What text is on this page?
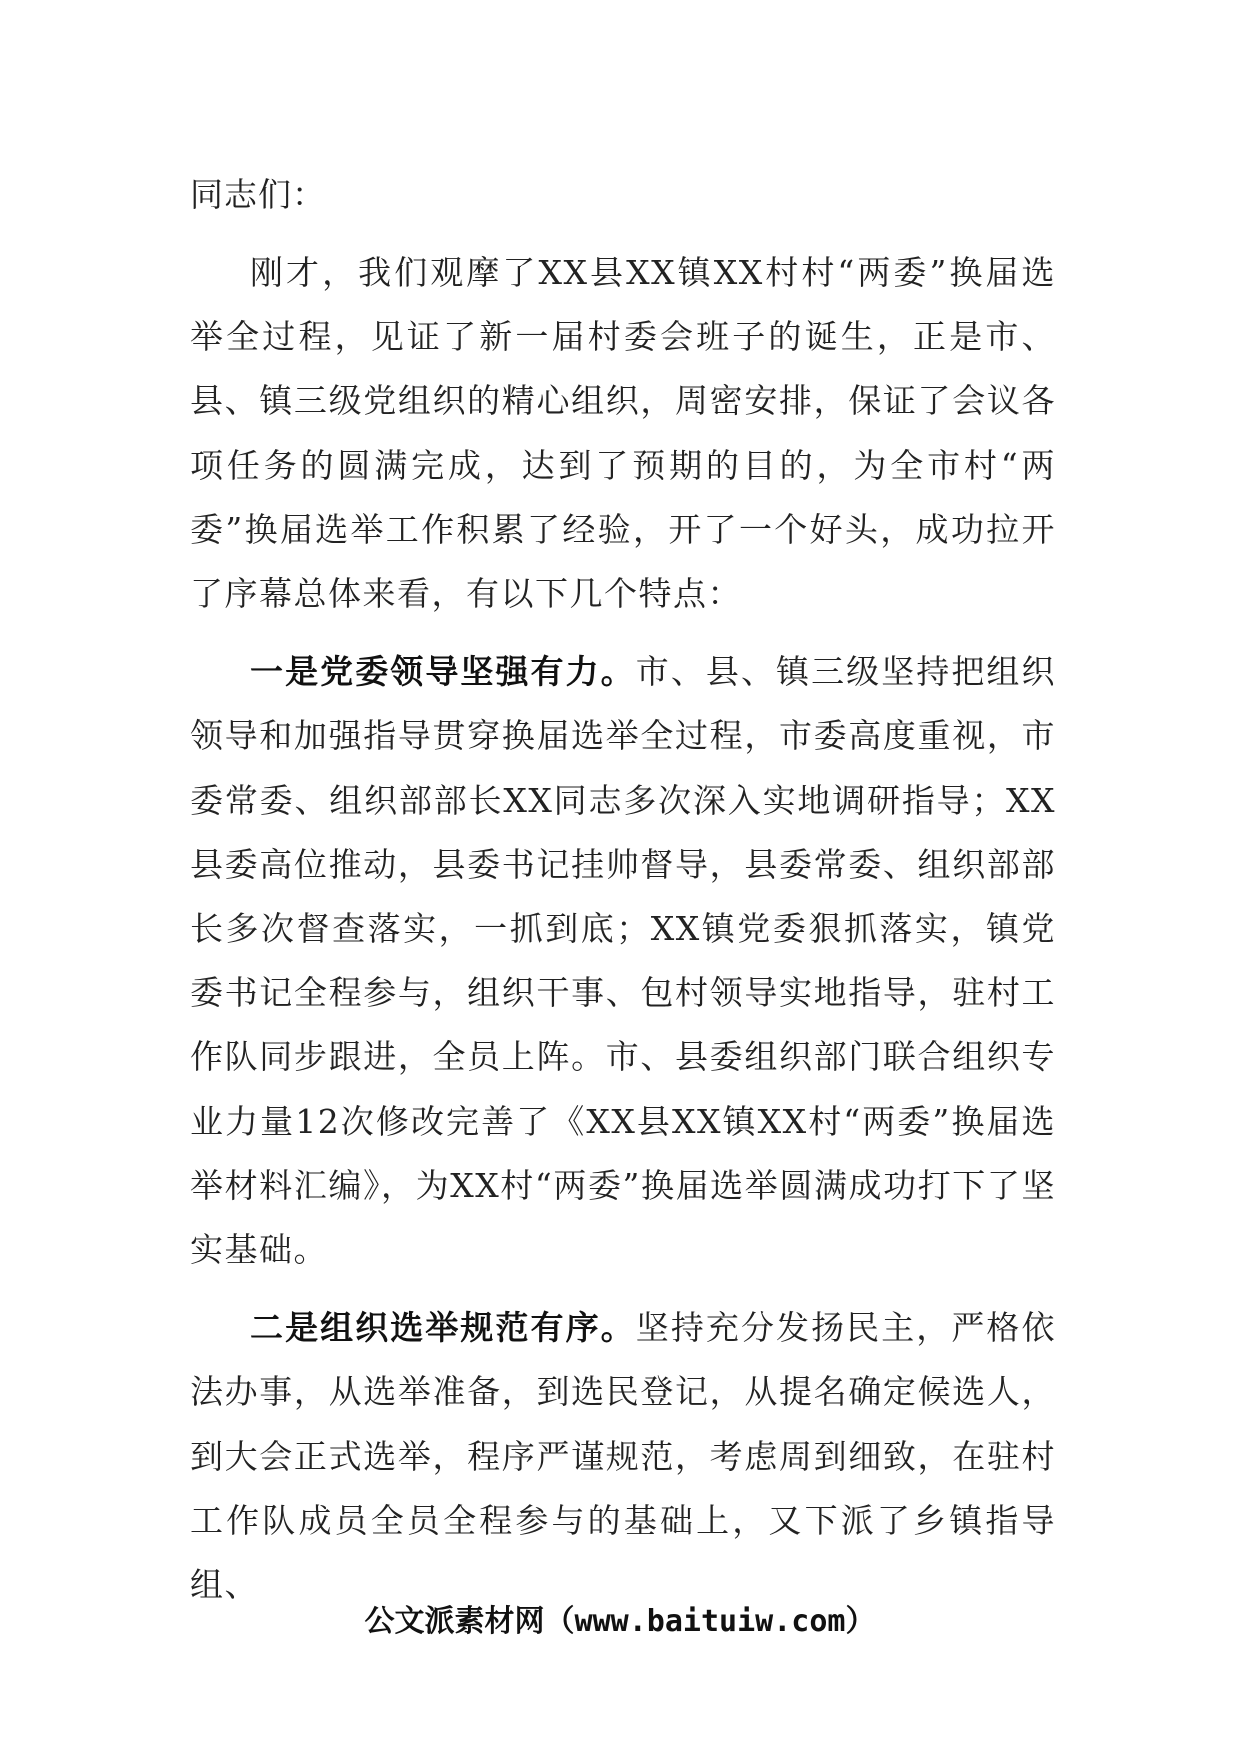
同志们：

刚才，我们观摩了XX县XX镇XX村村“两委”换届选举全过程，见证了新一届村委会班子的诞生，正是市、县、镇三级党组织的精心组织，周密安排，保证了会议各项任务的圆满完成，达到了预期的目的，为全市村“两委”换届选举工作积累了经验，开了一个好头，成功拉开了序幕总体来看，有以下几个特点：

一是党委领导坚强有力。市、县、镇三级坚持把组织领导和加强指导贯穿换届选举全过程，市委高度重视，市委常委、组织部部长XX同志多次深入实地调研指导；XX县委高位推动，县委书记挂帅督导，县委常委、组织部部长多次督查落实，一抓到底；XX镇党委狠抓落实，镇党委书记全程参与，组织干事、包村领导实地指导，驻村工作队同步跟进，全员上阵。市、县委组织部门联合组织专业力量12次修改完善了《XX县XX镇XX村“两委”换届选举材料汇编》，为XX村“两委”换届选举圆满成功打下了坚实基础。

二是组织选举规范有序。坚持充分发扬民主，严格依法办事，从选举准备，到选民登记，从提名确定候选人，到大会正式选举，程序严谨规范，考虑周到细致，在驻村工作队成员全员全程参与的基础上，又下派了乡镇指导组、

公文派素材网（www.baituiw.com）
